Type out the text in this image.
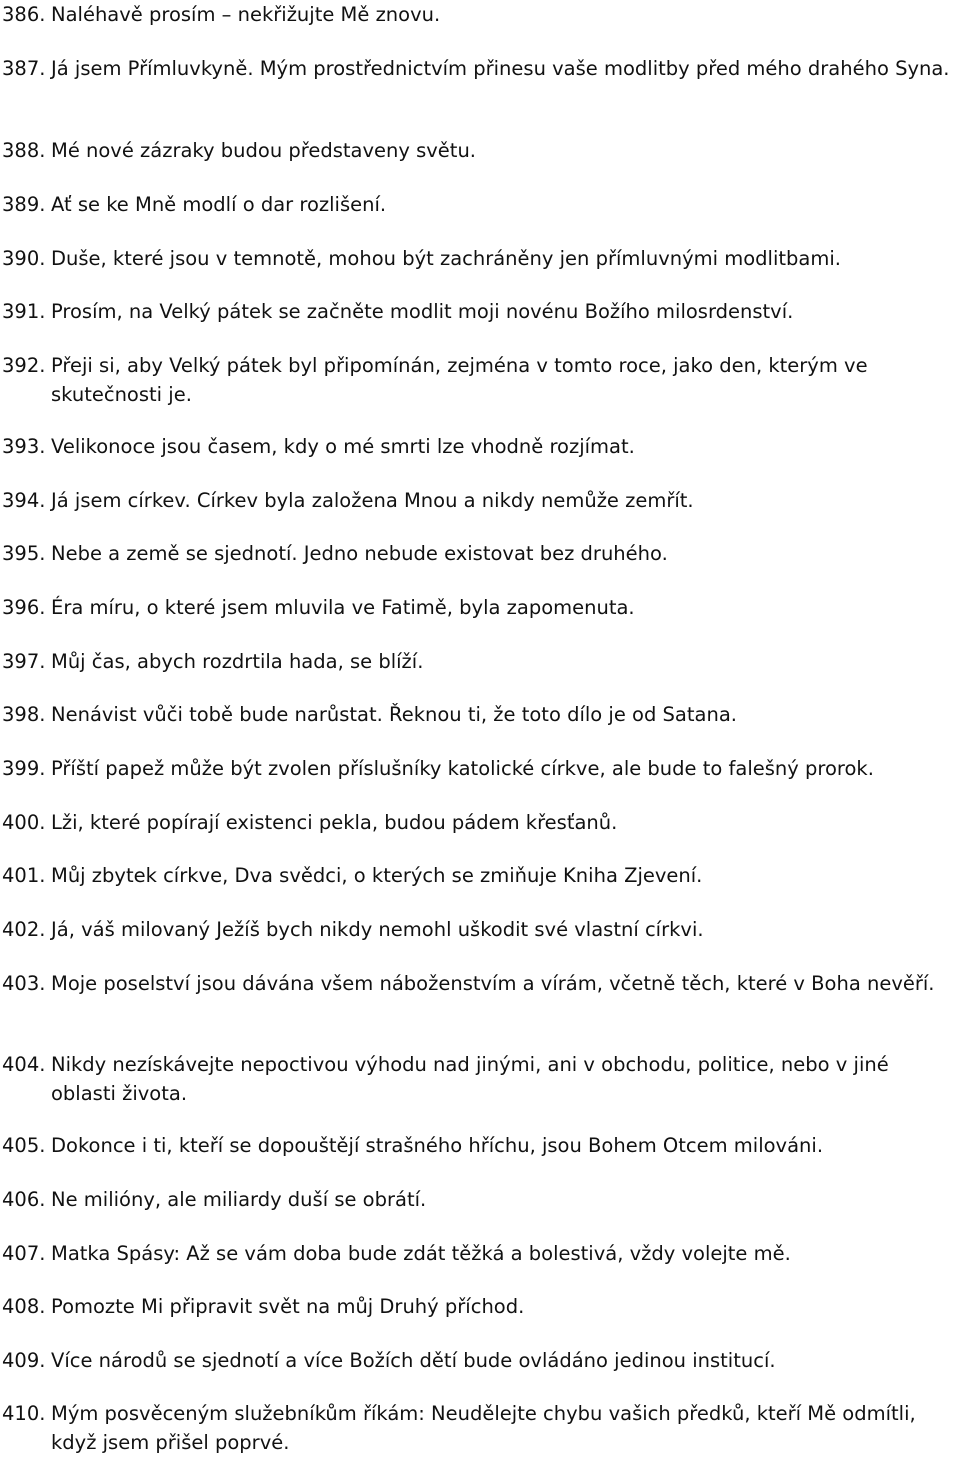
386. Naléhavě prosím – nekřižujte Mě znovu.
387. Já jsem Přímluvkyně. Mým prostřednictvím přinesu vaše modlitby před mého drahého Syna.
388. Mé nové zázraky budou představeny světu.
389. Ať se ke Mně modlí o dar rozlišení.
390. Duše, které jsou v temnotě, mohou být zachráněny jen přímluvnými modlitbami.
391. Prosím, na Velký pátek se začněte modlit moji novénu Božího milosrdenství.
392. Přeji si, aby Velký pátek byl připomínán, zejména v tomto roce, jako den, kterým ve skutečnosti je.
393. Velikonoce jsou časem, kdy o mé smrti lze vhodně rozjímat.
394. Já jsem církev. Církev byla založena Mnou a nikdy nemůže zemřít.
395. Nebe a země se sjednotí. Jedno nebude existovat bez druhého.
396. Éra míru, o které jsem mluvila ve Fatimě, byla zapomenuta.
397. Můj čas, abych rozdrtila hada, se blíží.
398. Nenávist vůči tobě bude narůstat. Řeknou ti, že toto dílo je od Satana.
399. Příští papež může být zvolen příslušníky katolické církve, ale bude to falešný prorok.
400. Lži, které popírají existenci pekla, budou pádem křesťanů.
401. Můj zbytek církve, Dva svědci, o kterých se zmiňuje Kniha Zjevení.
402. Já, váš milovaný Ježíš bych nikdy nemohl uškodit své vlastní církvi.
403. Moje poselství jsou dávána všem náboženstvím a vírám, včetně těch, které v Boha nevěří.
404. Nikdy nezískávejte nepoctivou výhodu nad jinými, ani v obchodu, politice, nebo v jiné oblasti života.
405. Dokonce i ti, kteří se dopouštějí strašného hříchu, jsou Bohem Otcem milováni.
406. Ne milióny, ale miliardy duší se obrátí.
407. Matka Spásy: Až se vám doba bude zdát těžká a bolestivá, vždy volejte mě.
408. Pomozte Mi připravit svět na můj Druhý příchod.
409. Více národů se sjednotí a více Božích dětí bude ovládáno jedinou institucí.
410. Mým posvěceným služebníkům říkám: Neudělejte chybu vašich předků, kteří Mě odmítli, když jsem přišel poprvé.
